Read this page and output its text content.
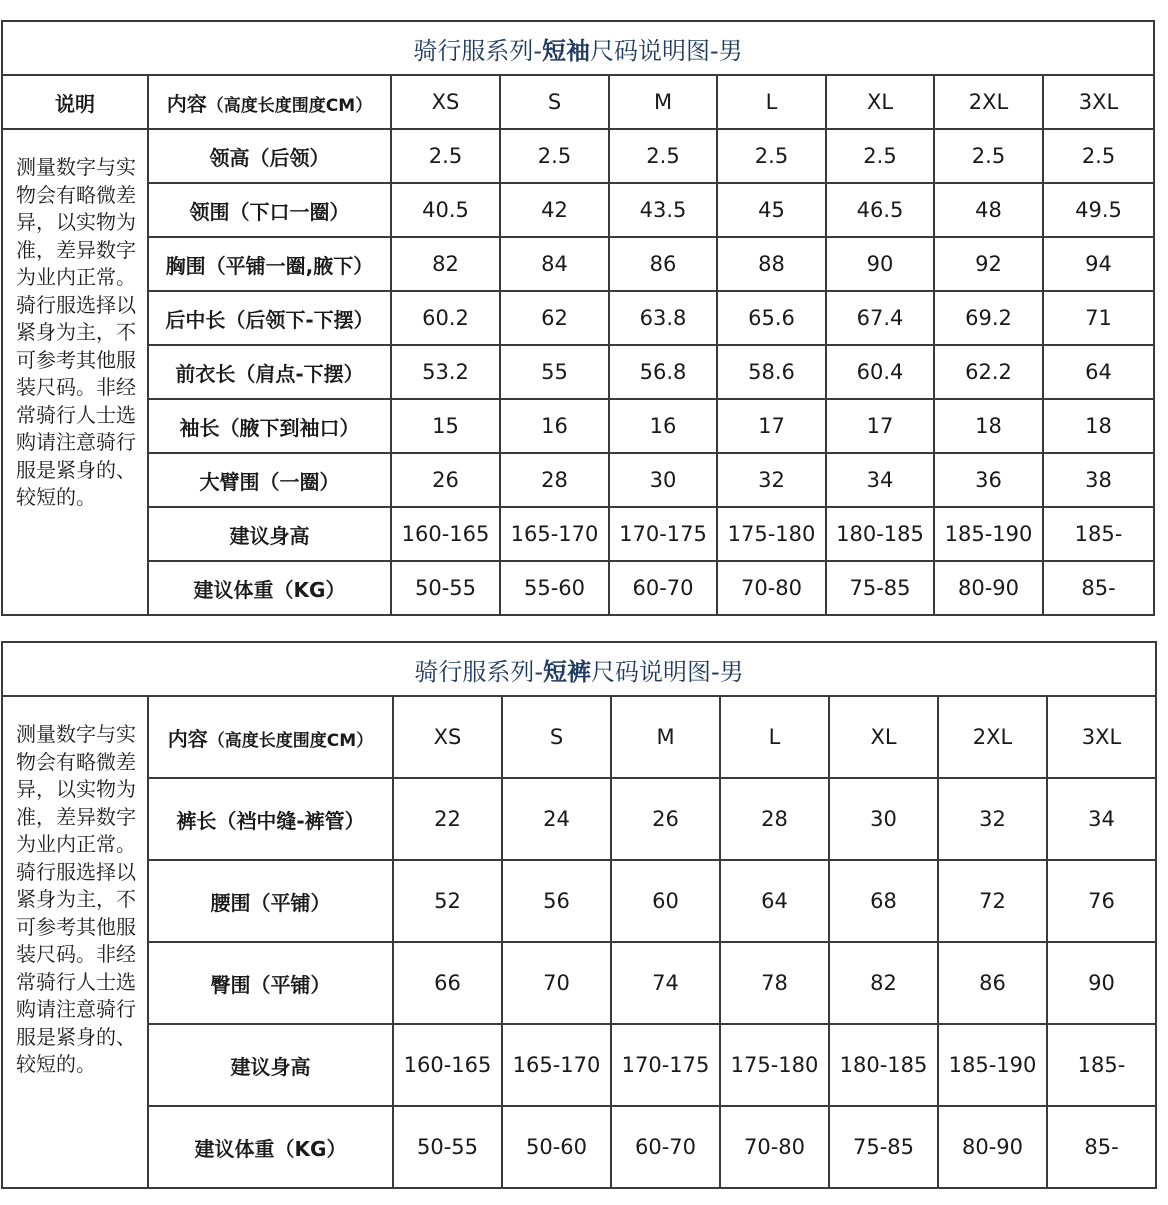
骑行服系列-短袖尺码说明图-男								
说明	内容（高度长度围度CM）	XS	S	M	L	XL	2XL	3XL
测量数字与实物会有略微差异，以实物为准，差异数字为业内正常。骑行服选择以紧身为主，不可参考其他服装尺码。非经常骑行人士选购请注意骑行服是紧身的、较短的。	领高（后领）	2.5	2.5	2.5	2.5	2.5	2.5	2.5
	领围（下口一圈）	40.5	42	43.5	45	46.5	48	49.5
	胸围（平铺一圈,腋下）	82	84	86	88	90	92	94
	后中长（后领下-下摆）	60.2	62	63.8	65.6	67.4	69.2	71
	前衣长（肩点-下摆）	53.2	55	56.8	58.6	60.4	62.2	64
	袖长（腋下到袖口）	15	16	16	17	17	18	18
	大臂围（一圈）	26	28	30	32	34	36	38
	建议身高	160-165	165-170	170-175	175-180	180-185	185-190	185-
	建议体重（KG）	50-55	55-60	60-70	70-80	75-85	80-90	85-
骑行服系列-短裤尺码说明图-男								
测量数字与实物会有略微差异，以实物为准，差异数字为业内正常。骑行服选择以紧身为主，不可参考其他服装尺码。非经常骑行人士选购请注意骑行服是紧身的、较短的。	内容（高度长度围度CM）	XS	S	M	L	XL	2XL	3XL
	裤长（裆中缝-裤管）	22	24	26	28	30	32	34
	腰围（平铺）	52	56	60	64	68	72	76
	臀围（平铺）	66	70	74	78	82	86	90
	建议身高	160-165	165-170	170-175	175-180	180-185	185-190	185-
	建议体重（KG）	50-55	50-60	60-70	70-80	75-85	80-90	85-
